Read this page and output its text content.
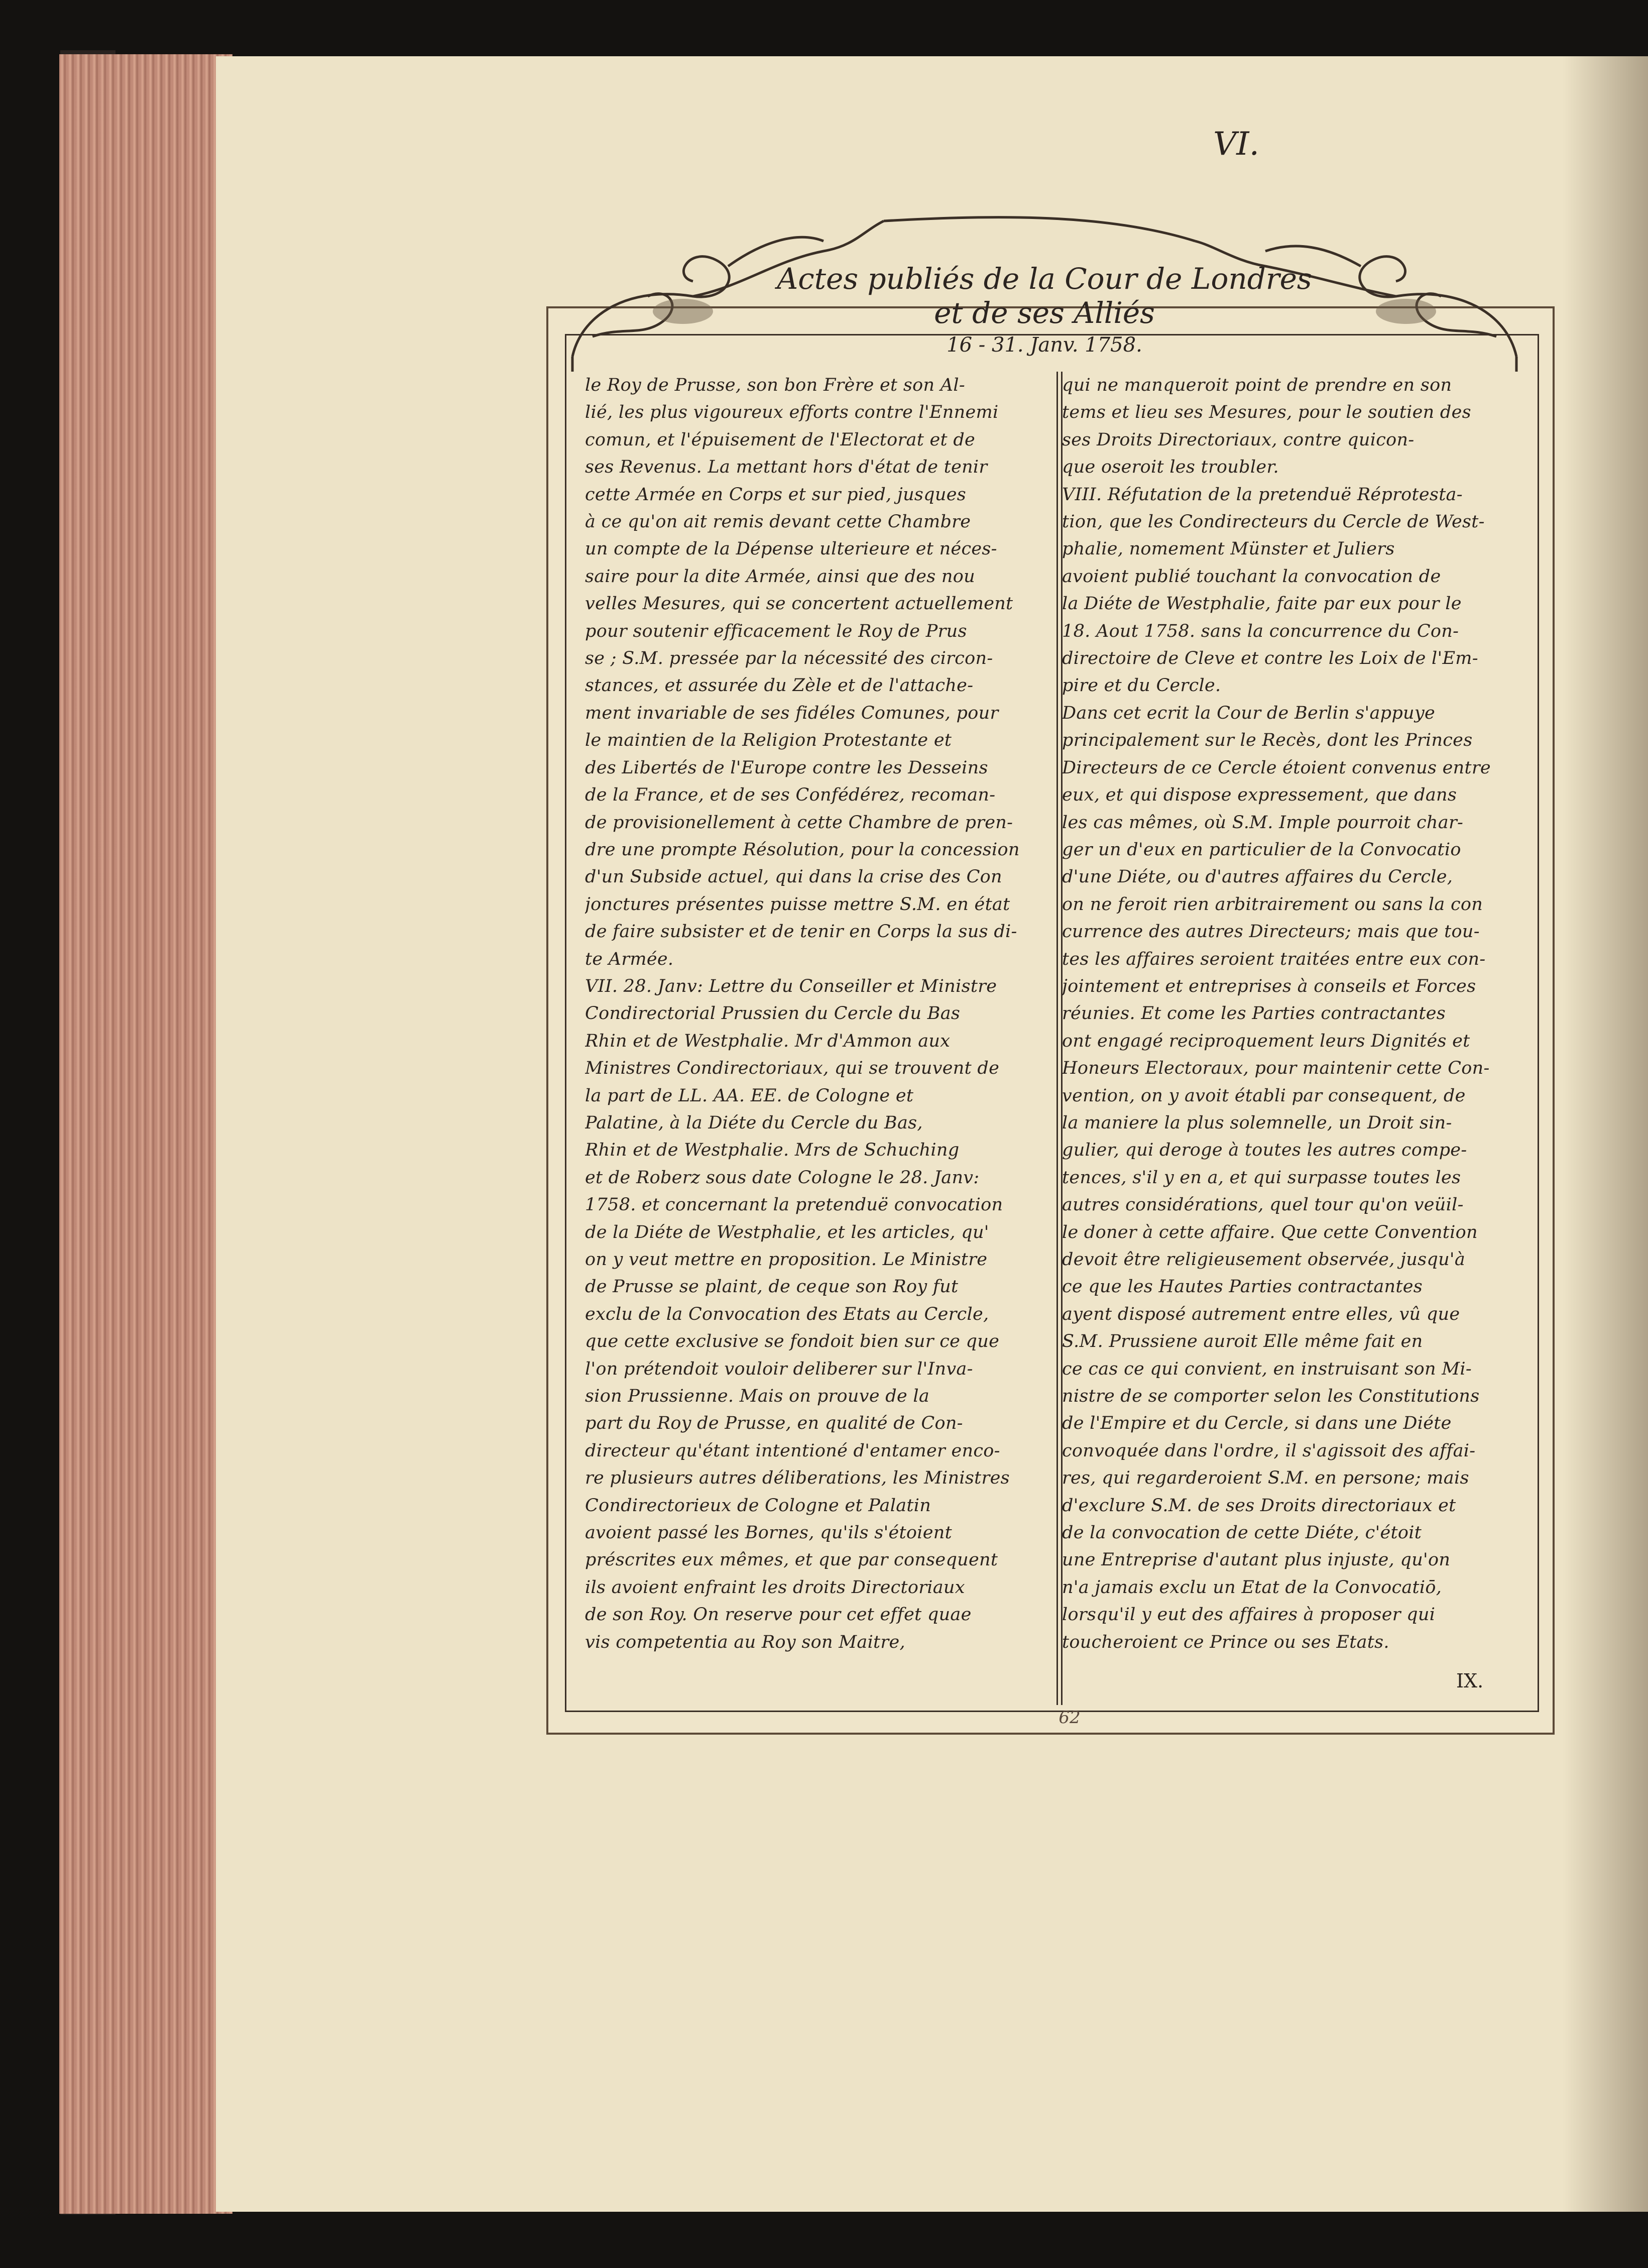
VI.
Actes publiés de la Cour de Londres
et de ses Alliés
16 - 31. Janv. 1758.
le Roy de Prusse, son bon Frère et son Al-
lié, les plus vigoureux efforts contre l'Ennemi
comun, et l'épuisement de l'Electorat et de
ses Revenus. La mettant hors d'état de tenir
cette Armée en Corps et sur pied, jusques
à ce qu'on ait remis devant cette Chambre
un compte de la Dépense ulterieure et néces-
saire pour la dite Armée, ainsi que des nou
velles Mesures, qui se concertent actuellement
pour soutenir efficacement le Roy de Prus
se ; S.M. pressée par la nécessité des circon-
stances, et assurée du Zèle et de l'attache-
ment invariable de ses fidéles Comunes, pour
le maintien de la Religion Protestante et
des Libertés de l'Europe contre les Desseins
de la France, et de ses Confédérez, recoman-
de provisionellement à cette Chambre de pren-
dre une prompte Résolution, pour la concession
d'un Subside actuel, qui dans la crise des Con
jonctures présentes puisse mettre S.M. en état
de faire subsister et de tenir en Corps la sus di-
te Armée.
VII. 28. Janv: Lettre du Conseiller et Ministre
Condirectorial Prussien du Cercle du Bas
Rhin et de Westphalie. Mr d'Ammon aux
Ministres Condirectoriaux, qui se trouvent de
la part de LL. AA. EE. de Cologne et
Palatine, à la Diéte du Cercle du Bas,
Rhin et de Westphalie. Mrs de Schuching
et de Roberz sous date Cologne le 28. Janv:
1758. et concernant la pretenduë convocation
de la Diéte de Westphalie, et les articles, qu'
on y veut mettre en proposition. Le Ministre
de Prusse se plaint, de ceque son Roy fut
exclu de la Convocation des Etats au Cercle,
que cette exclusive se fondoit bien sur ce que
l'on prétendoit vouloir deliberer sur l'Inva-
sion Prussienne. Mais on prouve de la
part du Roy de Prusse, en qualité de Con-
directeur qu'étant intentioné d'entamer enco-
re plusieurs autres déliberations, les Ministres
Condirectorieux de Cologne et Palatin
avoient passé les Bornes, qu'ils s'étoient
préscrites eux mêmes, et que par consequent
ils avoient enfraint les droits Directoriaux
de son Roy. On reserve pour cet effet quae
vis competentia au Roy son Maitre,
qui ne manqueroit point de prendre en son
tems et lieu ses Mesures, pour le soutien des
ses Droits Directoriaux, contre quicon-
que oseroit les troubler.
VIII. Réfutation de la pretenduë Réprotesta-
tion, que les Condirecteurs du Cercle de West-
phalie, nomement Münster et Juliers
avoient publié touchant la convocation de
la Diéte de Westphalie, faite par eux pour le
18. Aout 1758. sans la concurrence du Con-
directoire de Cleve et contre les Loix de l'Em-
pire et du Cercle.
Dans cet ecrit la Cour de Berlin s'appuye
principalement sur le Recès, dont les Princes
Directeurs de ce Cercle étoient convenus entre
eux, et qui dispose expressement, que dans
les cas mêmes, où S.M. Imple pourroit char-
ger un d'eux en particulier de la Convocatio
d'une Diéte, ou d'autres affaires du Cercle,
on ne feroit rien arbitrairement ou sans la con
currence des autres Directeurs; mais que tou-
tes les affaires seroient traitées entre eux con-
jointement et entreprises à conseils et Forces
réunies. Et come les Parties contractantes
ont engagé reciproquement leurs Dignités et
Honeurs Electoraux, pour maintenir cette Con-
vention, on y avoit établi par consequent, de
la maniere la plus solemnelle, un Droit sin-
gulier, qui deroge à toutes les autres compe-
tences, s'il y en a, et qui surpasse toutes les
autres considérations, quel tour qu'on veüil-
le doner à cette affaire. Que cette Convention
devoit être religieusement observée, jusqu'à
ce que les Hautes Parties contractantes
ayent disposé autrement entre elles, vû que
S.M. Prussiene auroit Elle même fait en
ce cas ce qui convient, en instruisant son Mi-
nistre de se comporter selon les Constitutions
de l'Empire et du Cercle, si dans une Diéte
convoquée dans l'ordre, il s'agissoit des affai-
res, qui regarderoient S.M. en persone; mais
d'exclure S.M. de ses Droits directoriaux et
de la convocation de cette Diéte, c'étoit
une Entreprise d'autant plus injuste, qu'on
n'a jamais exclu un Etat de la Convocatiō,
lorsqu'il y eut des affaires à proposer qui
toucheroient ce Prince ou ses Etats.
IX.
62
